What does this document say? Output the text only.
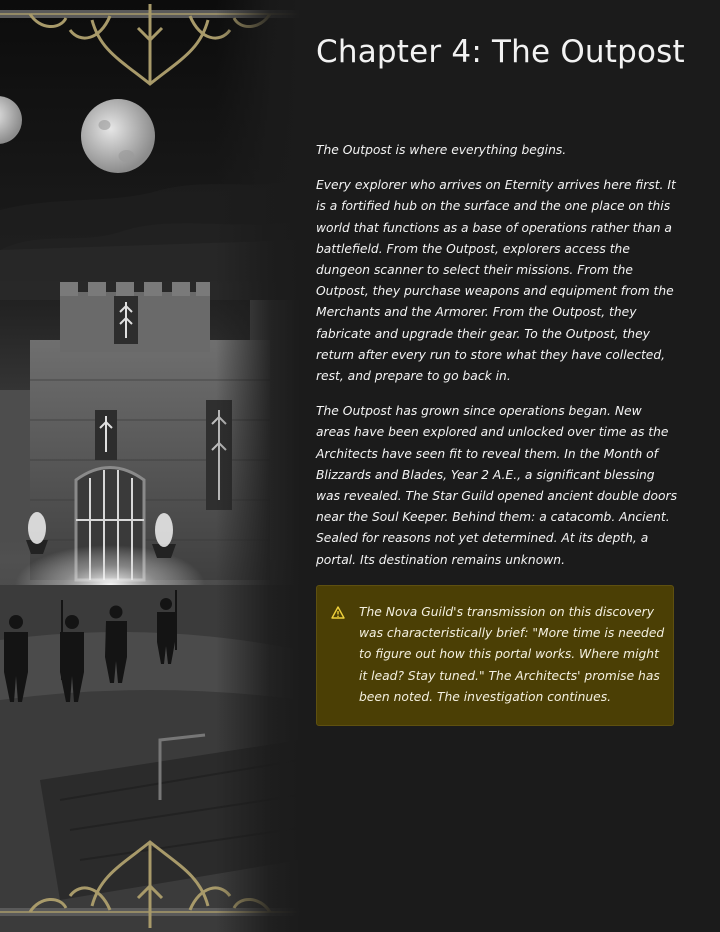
Chapter 4: The Outpost

The Outpost is where everything begins.

Every explorer who arrives on Eternity arrives here first. It is a fortified hub on the surface and the one place on this world that functions as a base of operations rather than a battlefield. From the Outpost, explorers access the dungeon scanner to select their missions. From the Outpost, they purchase weapons and equipment from the Merchants and the Armorer. From the Outpost, they fabricate and upgrade their gear. To the Outpost, they return after every run to store what they have collected, rest, and prepare to go back in.

The Outpost has grown since operations began. New areas have been explored and unlocked over time as the Architects have seen fit to reveal them. In the Month of Blizzards and Blades, Year 2 A.E., a significant blessing was revealed. The Star Guild opened ancient double doors near the Soul Keeper. Behind them: a catacomb. Ancient. Sealed for reasons not yet determined. At its depth, a portal. Its destination remains unknown.

The Nova Guild's transmission on this discovery was characteristically brief: "More time is needed to figure out how this portal works. Where might it lead? Stay tuned." The Architects' promise has been noted. The investigation continues.
